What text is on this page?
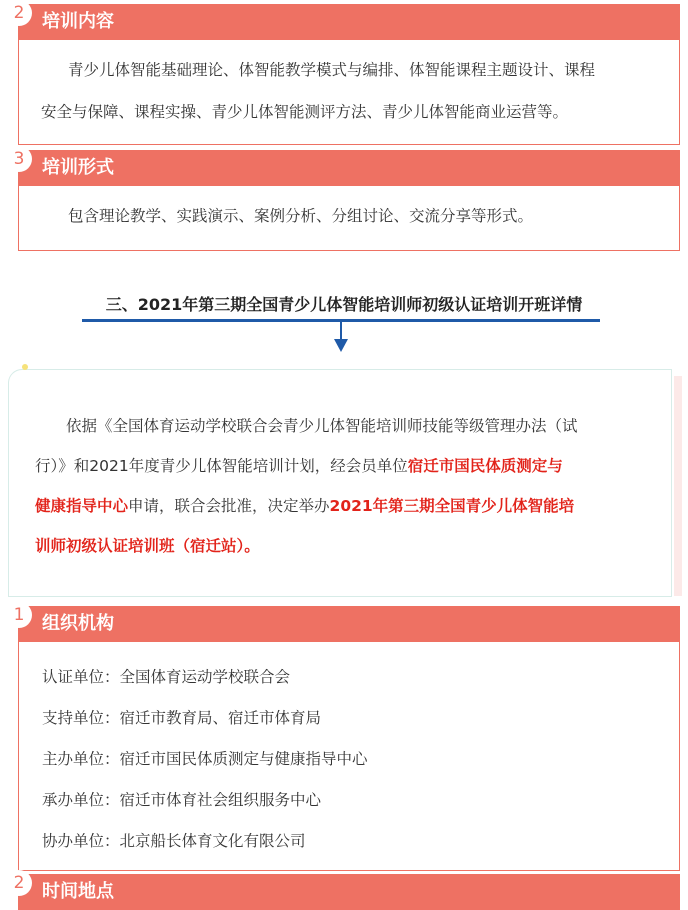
2 培训内容
青少儿体智能基础理论、体智能教学模式与编排、体智能课程主题设计、课程
安全与保障、课程实操、青少儿体智能测评方法、青少儿体智能商业运营等。
3 培训形式
包含理论教学、实践演示、案例分析、分组讨论、交流分享等形式。
三、2021年第三期全国青少儿体智能培训师初级认证培训开班详情
依据《全国体育运动学校联合会青少儿体智能培训师技能等级管理办法（试
行）》和2021年度青少儿体智能培训计划，经会员单位宿迁市国民体质测定与
健康指导中心申请，联合会批准，决定举办2021年第三期全国青少儿体智能培
训师初级认证培训班（宿迁站）。
1 组织机构
认证单位：全国体育运动学校联合会
支持单位：宿迁市教育局、宿迁市体育局
主办单位：宿迁市国民体质测定与健康指导中心
承办单位：宿迁市体育社会组织服务中心
协办单位：北京船长体育文化有限公司
2 时间地点
